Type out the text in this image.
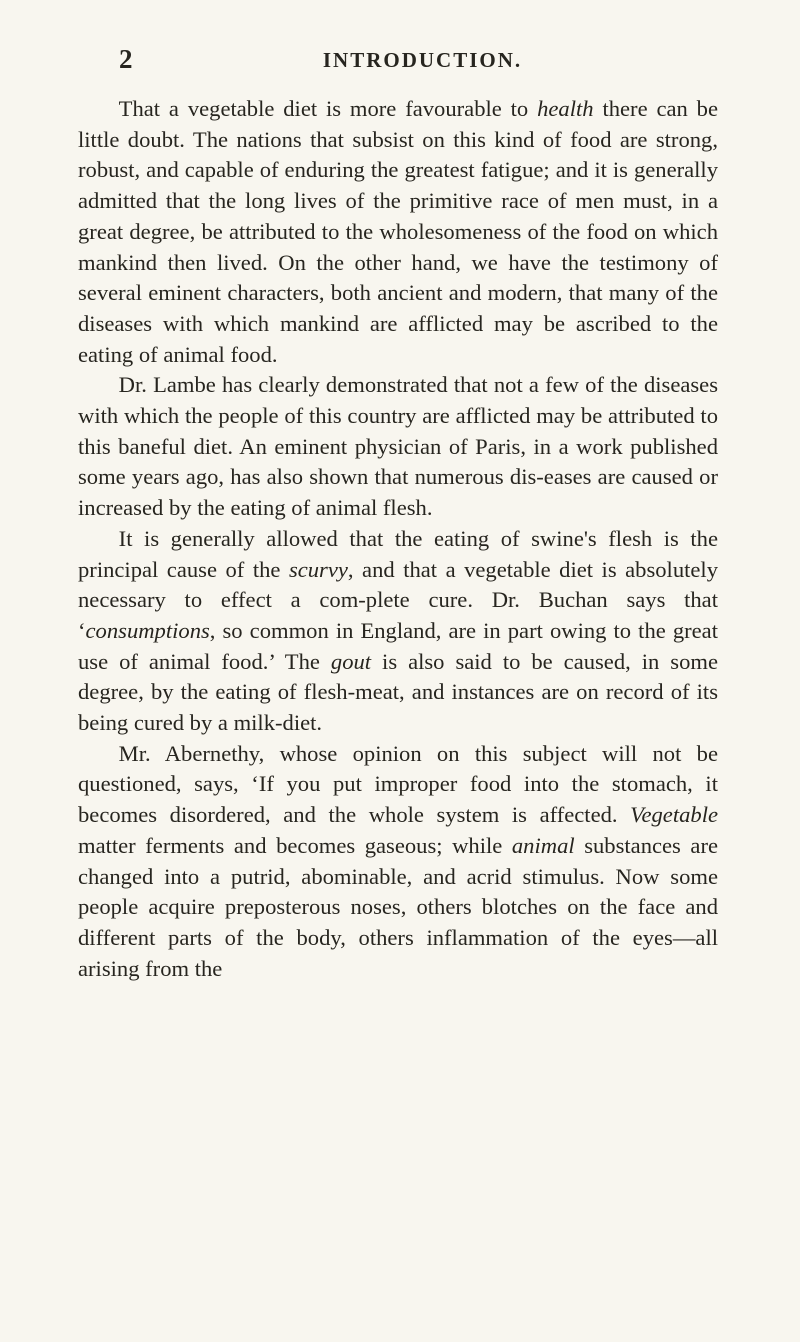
2	INTRODUCTION.

That a vegetable diet is more favourable to health there can be little doubt. The nations that subsist on this kind of food are strong, robust, and capable of enduring the greatest fatigue; and it is generally admitted that the long lives of the primitive race of men must, in a great degree, be attributed to the wholesomeness of the food on which mankind then lived. On the other hand, we have the testimony of several eminent characters, both ancient and modern, that many of the diseases with which mankind are afflicted may be ascribed to the eating of animal food.

Dr. Lambe has clearly demonstrated that not a few of the diseases with which the people of this country are afflicted may be attributed to this baneful diet. An eminent physician of Paris, in a work published some years ago, has also shown that numerous dis-eases are caused or increased by the eating of animal flesh.

It is generally allowed that the eating of swine's flesh is the principal cause of the scurvy, and that a vegetable diet is absolutely necessary to effect a com-plete cure. Dr. Buchan says that ‘consumptions, so common in England, are in part owing to the great use of animal food.’ The gout is also said to be caused, in some degree, by the eating of flesh-meat, and instances are on record of its being cured by a milk-diet.

Mr. Abernethy, whose opinion on this subject will not be questioned, says, ‘If you put improper food into the stomach, it becomes disordered, and the whole system is affected. Vegetable matter ferments and becomes gaseous; while animal substances are changed into a putrid, abominable, and acrid stimulus. Now some people acquire preposterous noses, others blotches on the face and different parts of the body, others inflammation of the eyes—all arising from the
